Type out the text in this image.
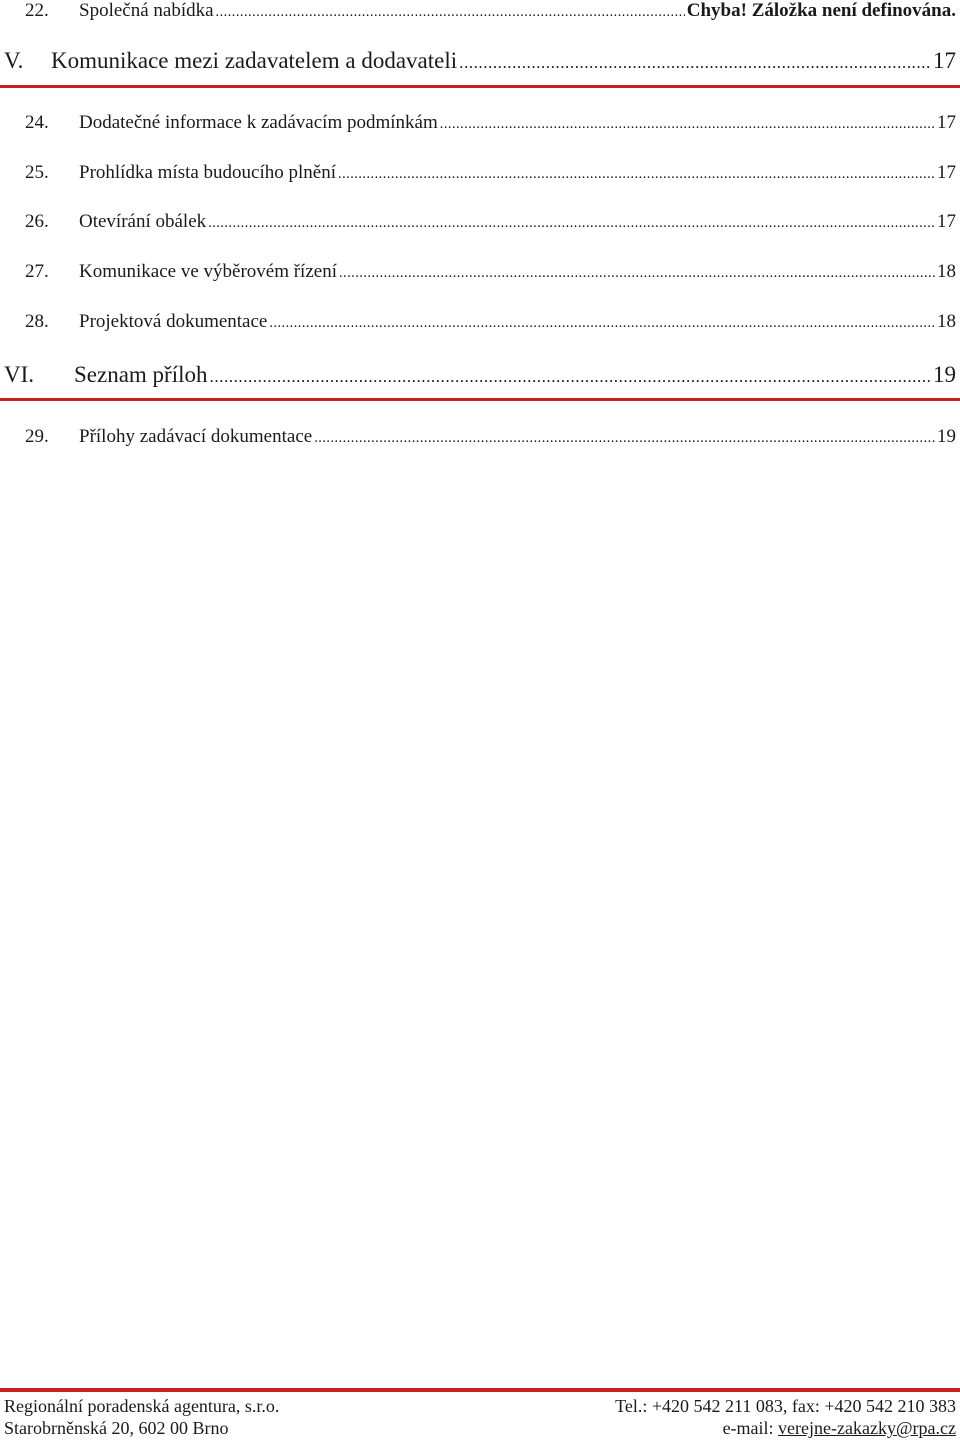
22.	Společná nabídka .....	Chyba! Záložka není definována.
V.	Komunikace mezi zadavatelem a dodavateli .....	17
24.	Dodatečné informace k zadávacím podmínkám .....	17
25.	Prohlídka místa budoucího plnění .....	17
26.	Otevírání obálek .....	17
27.	Komunikace ve výběrovém řízení .....	18
28.	Projektová dokumentace .....	18
VI.	Seznam příloh .....	19
29.	Přílohy zadávací dokumentace .....	19
Regionální poradenská agentura, s.r.o.
Starobrněnská 20, 602 00 Brno
Tel.: +420 542 211 083, fax: +420 542 210 383
e-mail: verejne-zakazky@rpa.cz
